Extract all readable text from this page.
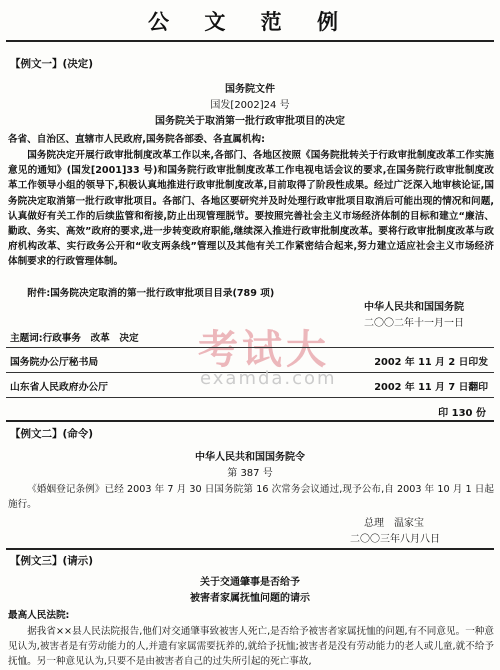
公 文 范 例
【例文一】(决定)
国务院文件
国发[2002]24 号
国务院关于取消第一批行政审批项目的决定
各省、自治区、直辖市人民政府,国务院各部委、各直属机构:
国务院决定开展行政审批制度改革工作以来,各部门、各地区按照《国务院批转关于行政审批制度改革工作实施意见的通知》(国发[2001]33 号)和国务院行政审批制度改革工作电视电话会议的要求,在国务院行政审批制度改革工作领导小组的领导下,积极认真地推进行政审批制度改革,目前取得了阶段性成果。经过广泛深入地审核论证,国务院决定取消第一批行政审批项目。各部门、各地区要研究并及时处理行政审批项目取消后可能出现的情况和问题,认真做好有关工作的后续监管和衔接,防止出现管理脱节。要按照完善社会主义市场经济体制的目标和建立“廉洁、勤政、务实、高效”政府的要求,进一步转变政府职能,继续深入推进行政审批制度改革。要将行政审批制度改革与政府机构改革、实行政务公开和“收支两条线”管理以及其他有关工作紧密结合起来,努力建立适应社会主义市场经济体制要求的行政管理体制。
附件:国务院决定取消的第一批行政审批项目目录(789 项)
中华人民共和国国务院
二〇〇二年十一月一日
考试大
主题词:行政事务　改革　决定
国务院办公厅秘书局	2002 年 11 月 2 日印发
examda.com
山东省人民政府办公厅	2002 年 11 月 7 日翻印
印 130 份
【例文二】(命令)
中华人民共和国国务院令
第 387 号
《婚姻登记条例》已经 2003 年 7 月 30 日国务院第 16 次常务会议通过,现予公布,自 2003 年 10 月 1 日起施行。
总理　温家宝
二〇〇三年八月八日
【例文三】(请示)
关于交通肇事是否给予
被害者家属抚恤问题的请示
最高人民法院:
据我省××县人民法院报告,他们对交通肇事致被害人死亡,是否给予被害者家属抚恤的问题,有不同意见。一种意见认为,被害者是有劳动能力的人,并遗有家属需要抚养的,就给予抚恤;被害者是没有劳动能力的老人或儿童,就不给予抚恤。另一种意见认为,只要不是由被害者自己的过失所引起的死亡事故,
